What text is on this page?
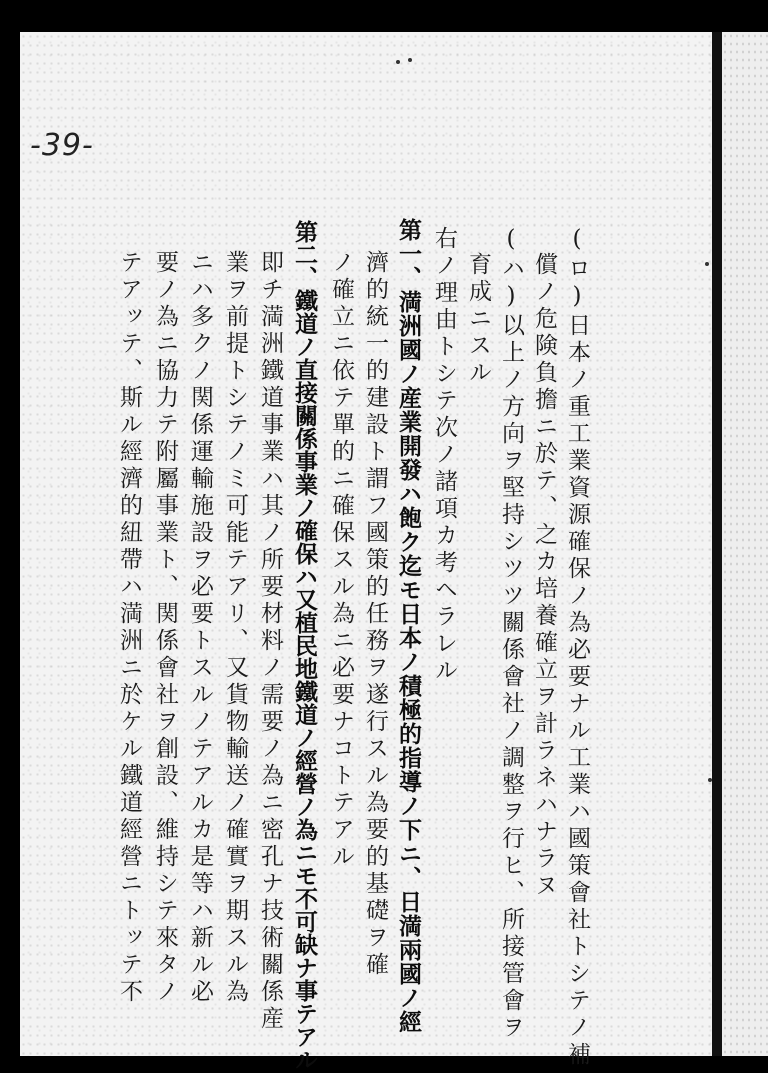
-39-
(ロ)日本ノ重工業資源確保ノ為必要ナル工業ハ國策會社トシテノ補
償ノ危険負擔ニ於テ、之カ培養確立ヲ計ラネハナラヌ
(ハ)以上ノ方向ヲ堅持シツツ關係會社ノ調整ヲ行ヒ、所接管會ヲ
育成ニスル
右ノ理由トシテ次ノ諸項カ考ヘラレル
第一、満洲國ノ産業開發ハ飽ク迄モ日本ノ積極的指導ノ下ニ、日満兩國ノ經
濟的統一的建設ト謂フ國策的任務ヲ遂行スル為要的基礎ヲ確
ノ確立ニ依テ單的ニ確保スル為ニ必要ナコトテアル
第二、鐵道ノ直接關係事業ノ確保ハ又植民地鐵道ノ經營ノ為ニモ不可缺ナ事テアル
即チ満洲鐵道事業ハ其ノ所要材料ノ需要ノ為ニ密孔ナ技術關係産
業ヲ前提トシテノミ可能テアリ、又貨物輸送ノ確實ヲ期スル為
ニハ多クノ関係運輸施設ヲ必要トスルノテアルカ是等ハ新ル必
要ノ為ニ協力テ附屬事業ト、関係會社ヲ創設、維持シテ來タノ
テアッテ、斯ル經濟的紐帶ハ満洲ニ於ケル鐵道經營ニトッテ不
